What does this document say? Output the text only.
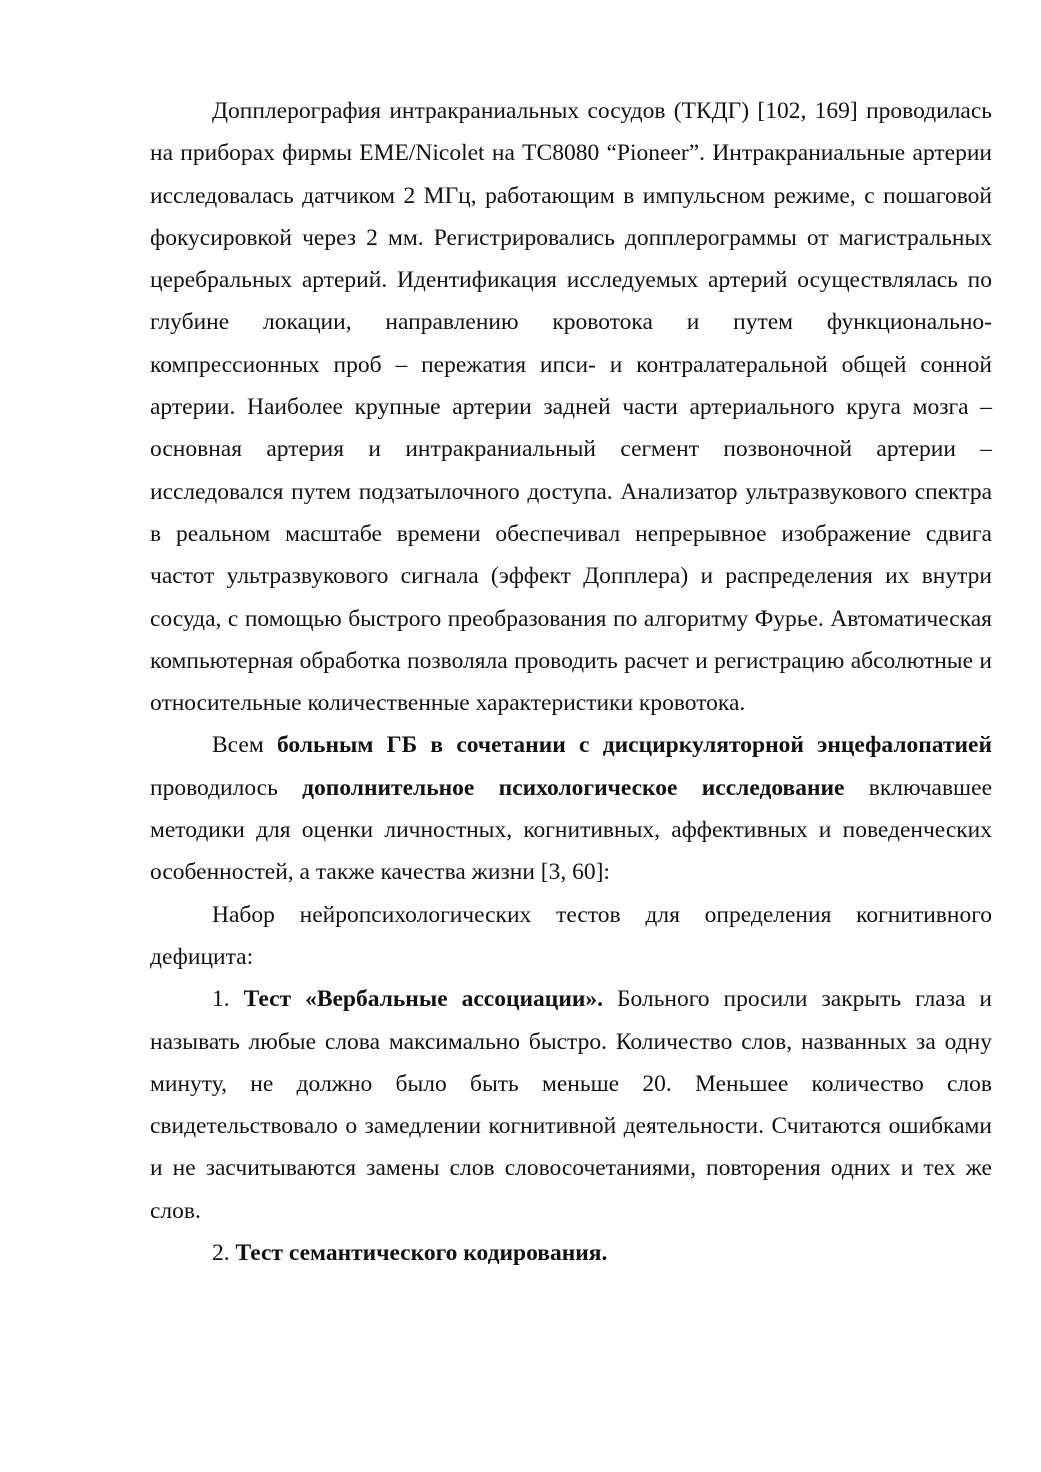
Допплерография интракраниальных сосудов (ТКДГ) [102, 169] проводилась на приборах фирмы EME/Nicolet на TC8080 “Pioneer”. Интракраниальные артерии исследовалась датчиком 2 МГц, работающим в импульсном режиме, с пошаговой фокусировкой через 2 мм. Регистрировались допплерограммы от магистральных церебральных артерий. Идентификация исследуемых артерий осуществлялась по глубине локации, направлению кровотока и путем функционально-компрессионных проб – пережатия ипси- и контралатеральной общей сонной артерии. Наиболее крупные артерии задней части артериального круга мозга – основная артерия и интракраниальный сегмент позвоночной артерии – исследовался путем подзатылочного доступа. Анализатор ультразвукового спектра в реальном масштабе времени обеспечивал непрерывное изображение сдвига частот ультразвукового сигнала (эффект Допплера) и распределения их внутри сосуда, с помощью быстрого преобразования по алгоритму Фурье. Автоматическая компьютерная обработка позволяла проводить расчет и регистрацию абсолютные и относительные количественные характеристики кровотока.

Всем больным ГБ в сочетании с дисциркуляторной энцефалопатией проводилось дополнительное психологическое исследование включавшее методики для оценки личностных, когнитивных, аффективных и поведенческих особенностей, а также качества жизни [3, 60]:

Набор нейропсихологических тестов для определения когнитивного дефицита:

1. Тест «Вербальные ассоциации». Больного просили закрыть глаза и называть любые слова максимально быстро. Количество слов, названных за одну минуту, не должно было быть меньше 20. Меньшее количество слов свидетельствовало о замедлении когнитивной деятельности. Считаются ошибками и не засчитываются замены слов словосочетаниями, повторения одних и тех же слов.

2. Тест семантического кодирования.
